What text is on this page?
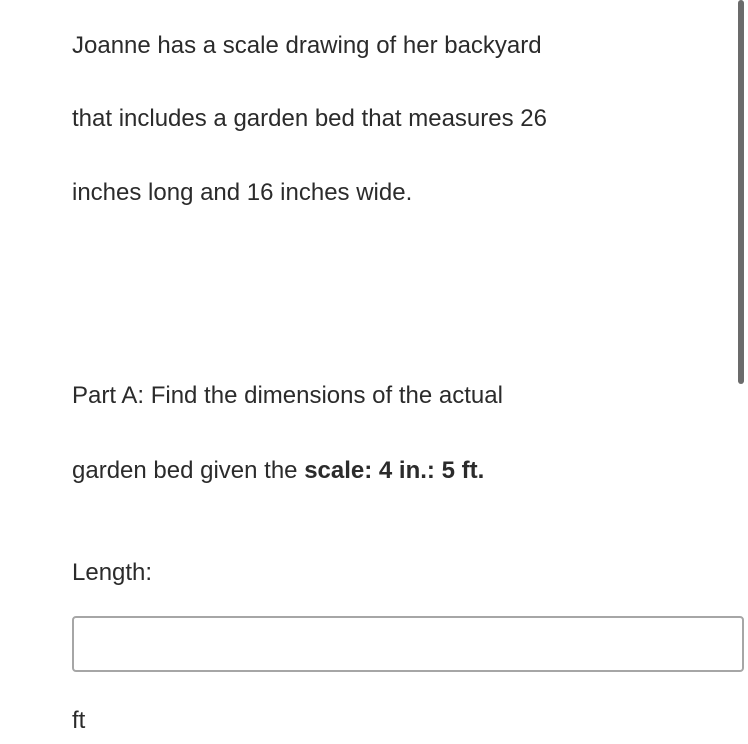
Joanne has a scale drawing of her backyard
that includes a garden bed that measures 26
inches long and 16 inches wide.
Part A: Find the dimensions of the actual
garden bed given the scale: 4 in.: 5 ft.
Length:
ft
